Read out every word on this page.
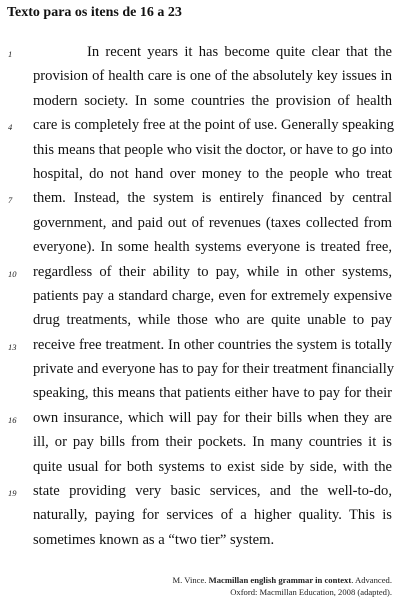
Texto para os itens de 16 a 23
1	In recent years it has become quite clear that the
provision of health care is one of the absolutely key issues in
modern society. In some countries the provision of health
4 care is completely free at the point of use. Generally speaking
this means that people who visit the doctor, or have to go into
hospital, do not hand over money to the people who treat
7 them. Instead, the system is entirely financed by central
government, and paid out of revenues (taxes collected from
everyone). In some health systems everyone is treated free,
10 regardless of their ability to pay, while in other systems,
patients pay a standard charge, even for extremely expensive
drug treatments, while those who are quite unable to pay
13 receive free treatment. In other countries the system is totally
private and everyone has to pay for their treatment financially
speaking, this means that patients either have to pay for their
16 own insurance, which will pay for their bills when they are
ill, or pay bills from their pockets. In many countries it is
quite usual for both systems to exist side by side, with the
19 state providing very basic services, and the well-to-do,
naturally, paying for services of a higher quality. This is
sometimes known as a “two tier” system.
M. Vince. Macmillan english grammar in context. Advanced.
Oxford: Macmillan Education, 2008 (adapted).
